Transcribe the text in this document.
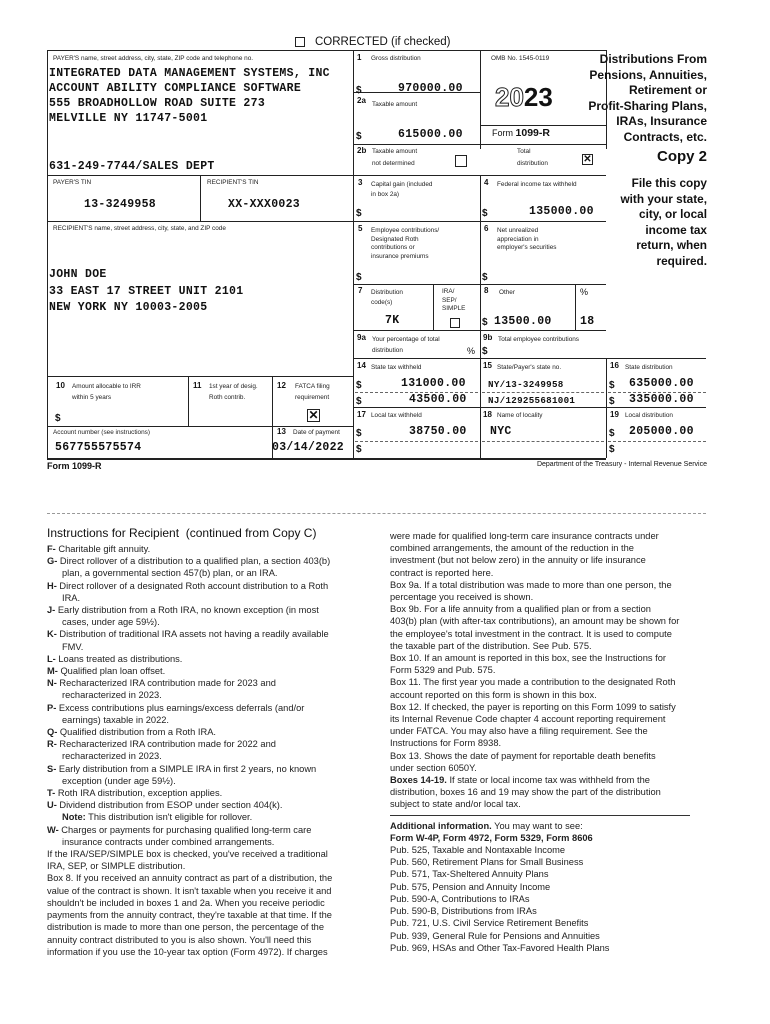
CORRECTED (if checked)
PAYER'S name, street address, city, state, ZIP code and telephone no.
INTEGRATED DATA MANAGEMENT SYSTEMS, INC
ACCOUNT ABILITY COMPLIANCE SOFTWARE
555 BROADHOLLOW ROAD SUITE 273
MELVILLE NY 11747-5001
631-249-7744/SALES DEPT
PAYER'S TIN
13-3249958
RECIPIENT'S TIN
XX-XXX0023
RECIPIENT'S name, street address, city, state, and ZIP code
JOHN DOE
33 EAST 17 STREET UNIT 2101
NEW YORK NY 10003-2005
1 Gross distribution
$	970000.00
2a Taxable amount
$	615000.00
OMB No. 1545-0119
2023
Form 1099-R
Distributions From
Pensions, Annuities,
Retirement or
Profit-Sharing Plans,
IRAs, Insurance
Contracts, etc.
Copy 2
File this copy
with your state,
city, or local
income tax
return, when
required.
2b Taxable amount
not determined
Total
distribution	✕
3 Capital gain (included
in box 2a)
$
4 Federal income tax withheld
$	135000.00
5 Employee contributions/
Designated Roth
contributions or
insurance premiums
$
6 Net unrealized
appreciation in
employer's securities
$
7 Distribution
code(s)
7K
IRA/
SEP/
SIMPLE
8 Other	%
$ 13500.00 18
9a Your percentage of total
distribution	%
9b Total employee contributions
$
10 Amount allocable to IRR
within 5 years
$
11 1st year of desig.
Roth contrib.
12 FATCA filing
requirement
✕
Account number (see instructions)
567755575574
13 Date of payment
03/14/2022
14 State tax withheld
$	131000.00
$	43500.00
15 State/Payer's state no.
NY/13-3249958
NJ/129255681001
16 State distribution
$ 635000.00
$ 335000.00
17 Local tax withheld
$	38750.00
$
18 Name of locality
NYC
19 Local distribution
$ 205000.00
$
Form 1099-R	Department of the Treasury - Internal Revenue Service
Instructions for Recipient  (continued from Copy C)
F- Charitable gift annuity.
G- Direct rollover of a distribution to a qualified plan, a section 403(b)
plan, a governmental section 457(b) plan, or an IRA.
H- Direct rollover of a designated Roth account distribution to a Roth
IRA.
J- Early distribution from a Roth IRA, no known exception (in most
cases, under age 59½).
K- Distribution of traditional IRA assets not having a readily available
FMV.
L- Loans treated as distributions.
M- Qualified plan loan offset.
N- Recharacterized IRA contribution made for 2023 and
recharacterized in 2023.
P- Excess contributions plus earnings/excess deferrals (and/or
earnings) taxable in 2022.
Q- Qualified distribution from a Roth IRA.
R- Recharacterized IRA contribution made for 2022 and
recharacterized in 2023.
S- Early distribution from a SIMPLE IRA in first 2 years, no known
exception (under age 59½).
T- Roth IRA distribution, exception applies.
U- Dividend distribution from ESOP under section 404(k).
Note: This distribution isn't eligible for rollover.
W- Charges or payments for purchasing qualified long-term care
insurance contracts under combined arrangements.
If the IRA/SEP/SIMPLE box is checked, you've received a traditional
IRA, SEP, or SIMPLE distribution.
Box 8. If you received an annuity contract as part of a distribution, the
value of the contract is shown. It isn't taxable when you receive it and
shouldn't be included in boxes 1 and 2a. When you receive periodic
payments from the annuity contract, they're taxable at that time. If the
distribution is made to more than one person, the percentage of the
annuity contract distributed to you is also shown. You'll need this
information if you use the 10-year tax option (Form 4972). If charges
were made for qualified long-term care insurance contracts under
combined arrangements, the amount of the reduction in the
investment (but not below zero) in the annuity or life insurance
contract is reported here.
Box 9a. If a total distribution was made to more than one person, the
percentage you received is shown.
Box 9b. For a life annuity from a qualified plan or from a section
403(b) plan (with after-tax contributions), an amount may be shown for
the employee's total investment in the contract. It is used to compute
the taxable part of the distribution. See Pub. 575.
Box 10. If an amount is reported in this box, see the Instructions for
Form 5329 and Pub. 575.
Box 11. The first year you made a contribution to the designated Roth
account reported on this form is shown in this box.
Box 12. If checked, the payer is reporting on this Form 1099 to satisfy
its Internal Revenue Code chapter 4 account reporting requirement
under FATCA. You may also have a filing requirement. See the
Instructions for Form 8938.
Box 13. Shows the date of payment for reportable death benefits
under section 6050Y.
Boxes 14-19. If state or local income tax was withheld from the
distribution, boxes 16 and 19 may show the part of the distribution
subject to state and/or local tax.
Additional information. You may want to see:
Form W-4P, Form 4972, Form 5329, Form 8606
Pub. 525, Taxable and Nontaxable Income
Pub. 560, Retirement Plans for Small Business
Pub. 571, Tax-Sheltered Annuity Plans
Pub. 575, Pension and Annuity Income
Pub. 590-A, Contributions to IRAs
Pub. 590-B, Distributions from IRAs
Pub. 721, U.S. Civil Service Retirement Benefits
Pub. 939, General Rule for Pensions and Annuities
Pub. 969, HSAs and Other Tax-Favored Health Plans
